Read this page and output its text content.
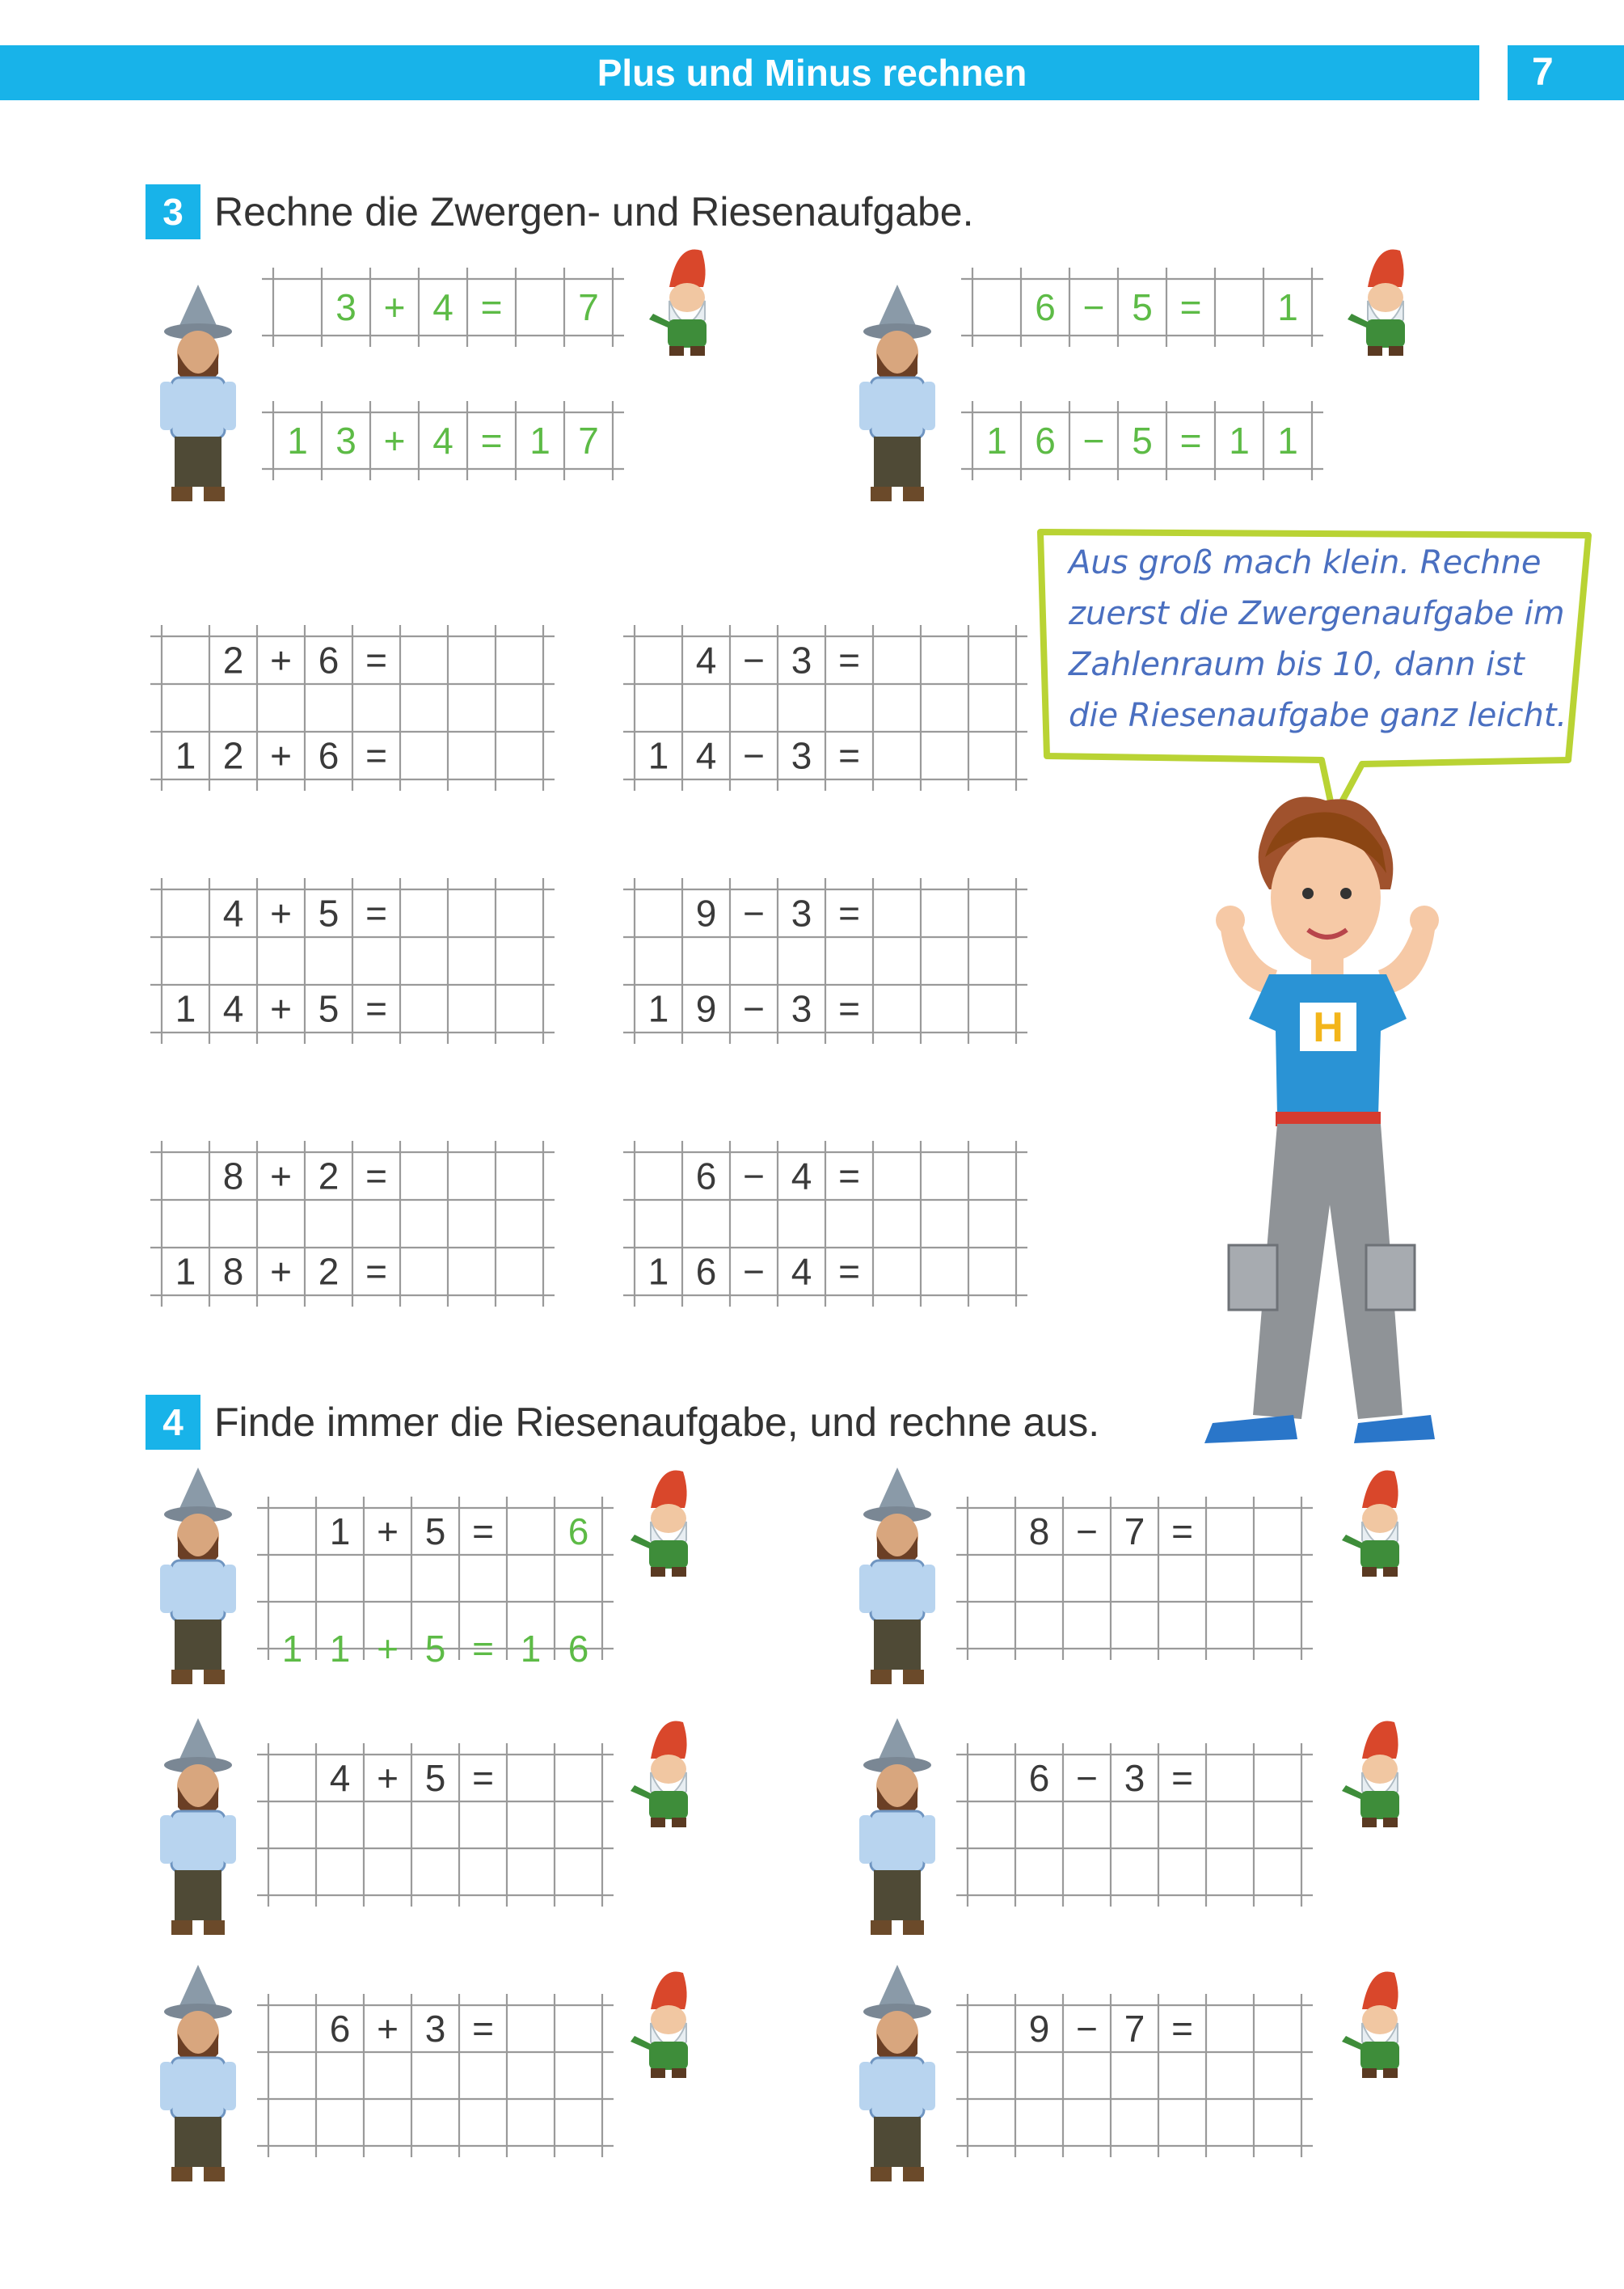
Plus und Minus rechnen	7
3 Rechne die Zwergen- und Riesenaufgabe.
3 + 4 = 7
1 3 + 4 = 1 7
6 − 5 = 1
1 6 − 5 = 1 1
2 + 6 =
1 2 + 6 =
4 − 3 =
1 4 − 3 =
4 + 5 =
1 4 + 5 =
9 − 3 =
1 9 − 3 =
8 + 2 =
1 8 + 2 =
6 − 4 =
1 6 − 4 =
Aus groß mach klein. Rechne
zuerst die Zwergenaufgabe im
Zahlenraum bis 10, dann ist
die Riesenaufgabe ganz leicht.
H
4 Finde immer die Riesenaufgabe, und rechne aus.
1 + 5 = 6
1 1 + 5 = 1 6
8 − 7 =
4 + 5 =	6 − 3 =
6 + 3 =	9 − 7 =
